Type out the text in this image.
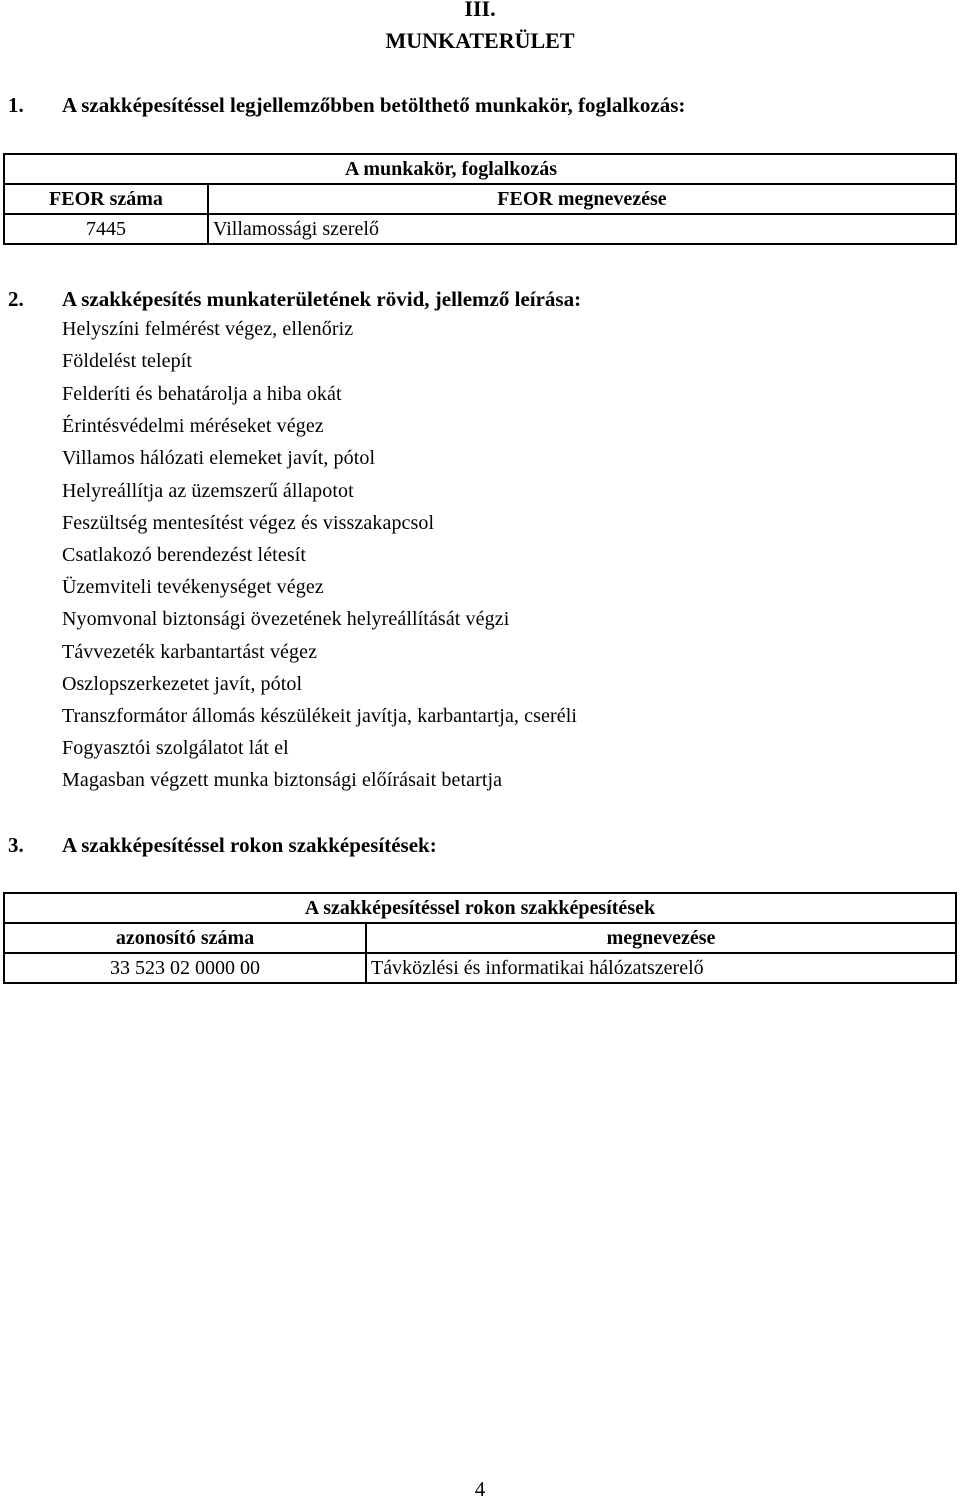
III.
MUNKATERÜLET
1. A szakképesítéssel legjellemzőbben betölthető munkakör, foglalkozás:
	A munkakör, foglalkozás
FEOR száma	FEOR megnevezése
7445	Villamossági szerelő
2. A szakképesítés munkaterületének rövid, jellemző leírása:
Helyszíni felmérést végez, ellenőriz
Földelést telepít
Felderíti és behatárolja a hiba okát
Érintésvédelmi méréseket végez
Villamos hálózati elemeket javít, pótol
Helyreállítja az üzemszerű állapotot
Feszültség mentesítést végez és visszakapcsol
Csatlakozó berendezést létesít
Üzemviteli tevékenységet végez
Nyomvonal biztonsági övezetének helyreállítását végzi
Távvezeték karbantartást végez
Oszlopszerkezetet javít, pótol
Transzformátor állomás készülékeit javítja, karbantartja, cseréli
Fogyasztói szolgálatot lát el
Magasban végzett munka biztonsági előírásait betartja
3. A szakképesítéssel rokon szakképesítések:
A szakképesítéssel rokon szakképesítések	
azonosító száma	megnevezése
33 523 02 0000 00	Távközlési és informatikai hálózatszerelő
4
